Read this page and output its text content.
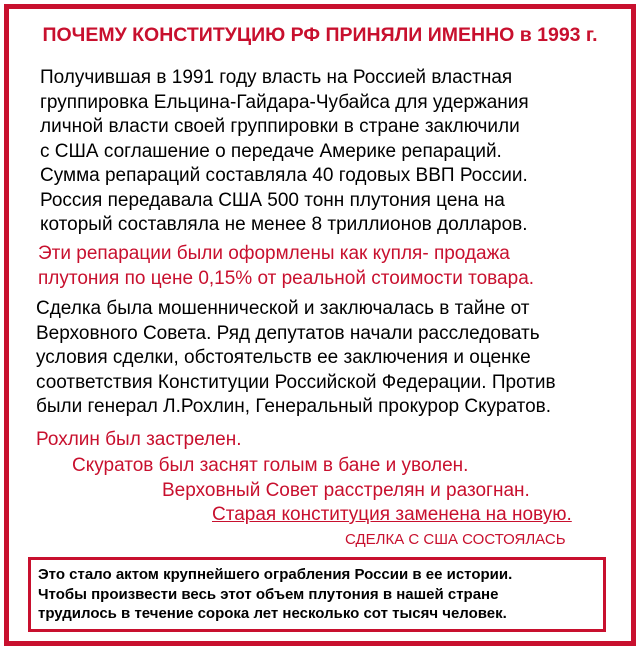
ПОЧЕМУ КОНСТИТУЦИЮ РФ ПРИНЯЛИ ИМЕННО в 1993 г.
Получившая в 1991 году власть на Россией властная
группировка Ельцина-Гайдара-Чубайса для удержания
личной власти своей группировки в стране заключили
с США соглашение о передаче Америке репараций.
Сумма репараций составляла 40 годовых ВВП России.
Россия передавала США 500 тонн плутония цена на
который составляла не менее 8 триллионов долларов.
Эти репарации были оформлены как купля- продажа
плутония по цене 0,15% от реальной стоимости товара.
Сделка была мошеннической и заключалась в тайне от
Верховного Совета. Ряд депутатов начали расследовать
условия сделки, обстоятельств ее заключения и оценке
соответствия Конституции Российской Федерации. Против
были генерал Л.Рохлин, Генеральный прокурор Скуратов.
Рохлин был застрелен.
Скуратов был заснят голым в бане и уволен.
Верховный Совет расстрелян и разогнан.
Старая конституция заменена на новую.
СДЕЛКА С США СОСТОЯЛАСЬ
Это стало актом крупнейшего ограбления России в ее истории.
Чтобы произвести весь этот объем плутония в нашей стране
трудилось в течение сорока лет несколько сот тысяч человек.
